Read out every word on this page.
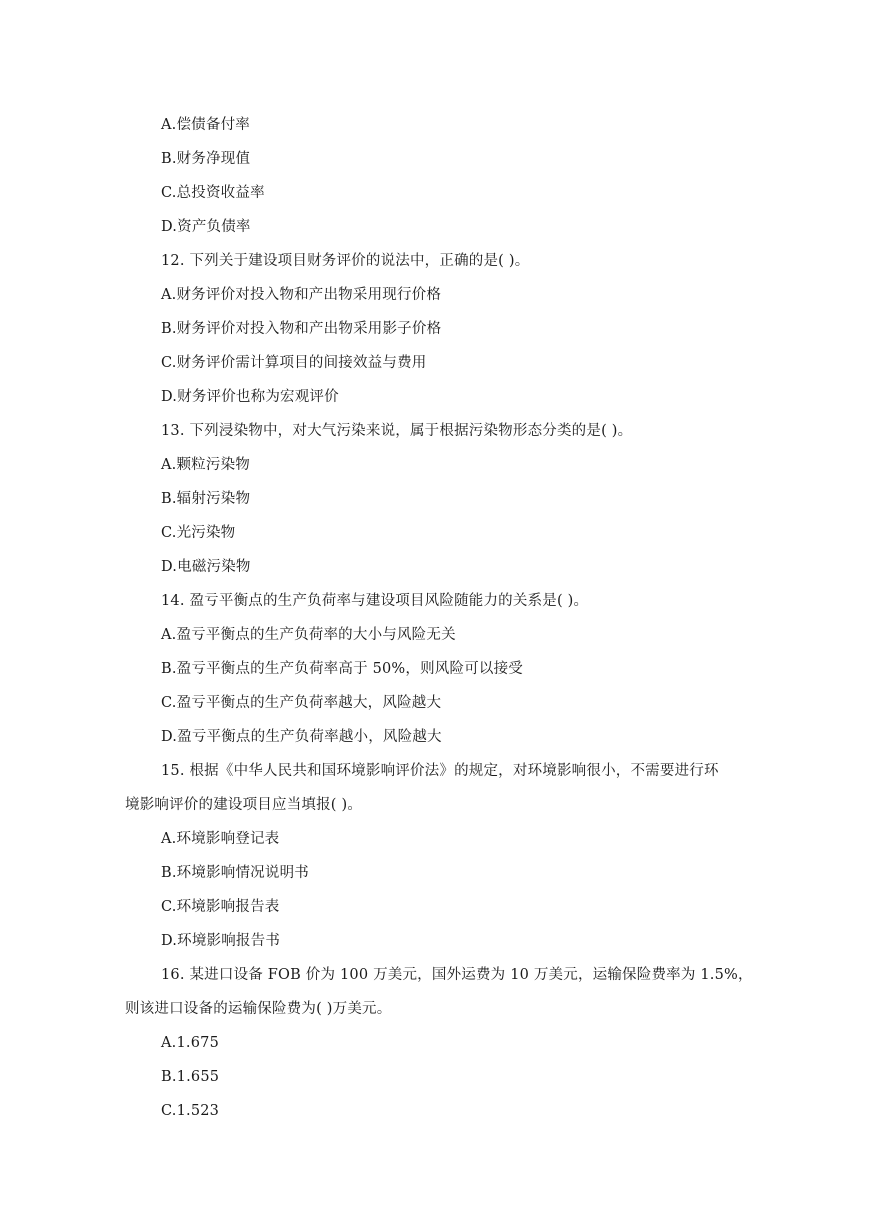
A.偿债备付率
B.财务净现值
C.总投资收益率
D.资产负债率
12. 下列关于建设项目财务评价的说法中，正确的是( )。
A.财务评价对投入物和产出物采用现行价格
B.财务评价对投入物和产出物采用影子价格
C.财务评价需计算项目的间接效益与费用
D.财务评价也称为宏观评价
13. 下列浸染物中，对大气污染来说，属于根据污染物形态分类的是( )。
A.颗粒污染物
B.辐射污染物
C.光污染物
D.电磁污染物
14. 盈亏平衡点的生产负荷率与建设项目风险随能力的关系是( )。
A.盈亏平衡点的生产负荷率的大小与风险无关
B.盈亏平衡点的生产负荷率高于 50%，则风险可以接受
C.盈亏平衡点的生产负荷率越大，风险越大
D.盈亏平衡点的生产负荷率越小，风险越大
15. 根据《中华人民共和国环境影响评价法》的规定，对环境影响很小，不需要进行环
境影响评价的建设项目应当填报( )。
A.环境影响登记表
B.环境影响情况说明书
C.环境影响报告表
D.环境影响报告书
16. 某进口设备 FOB 价为 100 万美元，国外运费为 10 万美元，运输保险费率为 1.5%，
则该进口设备的运输保险费为( )万美元。
A.1.675
B.1.655
C.1.523
